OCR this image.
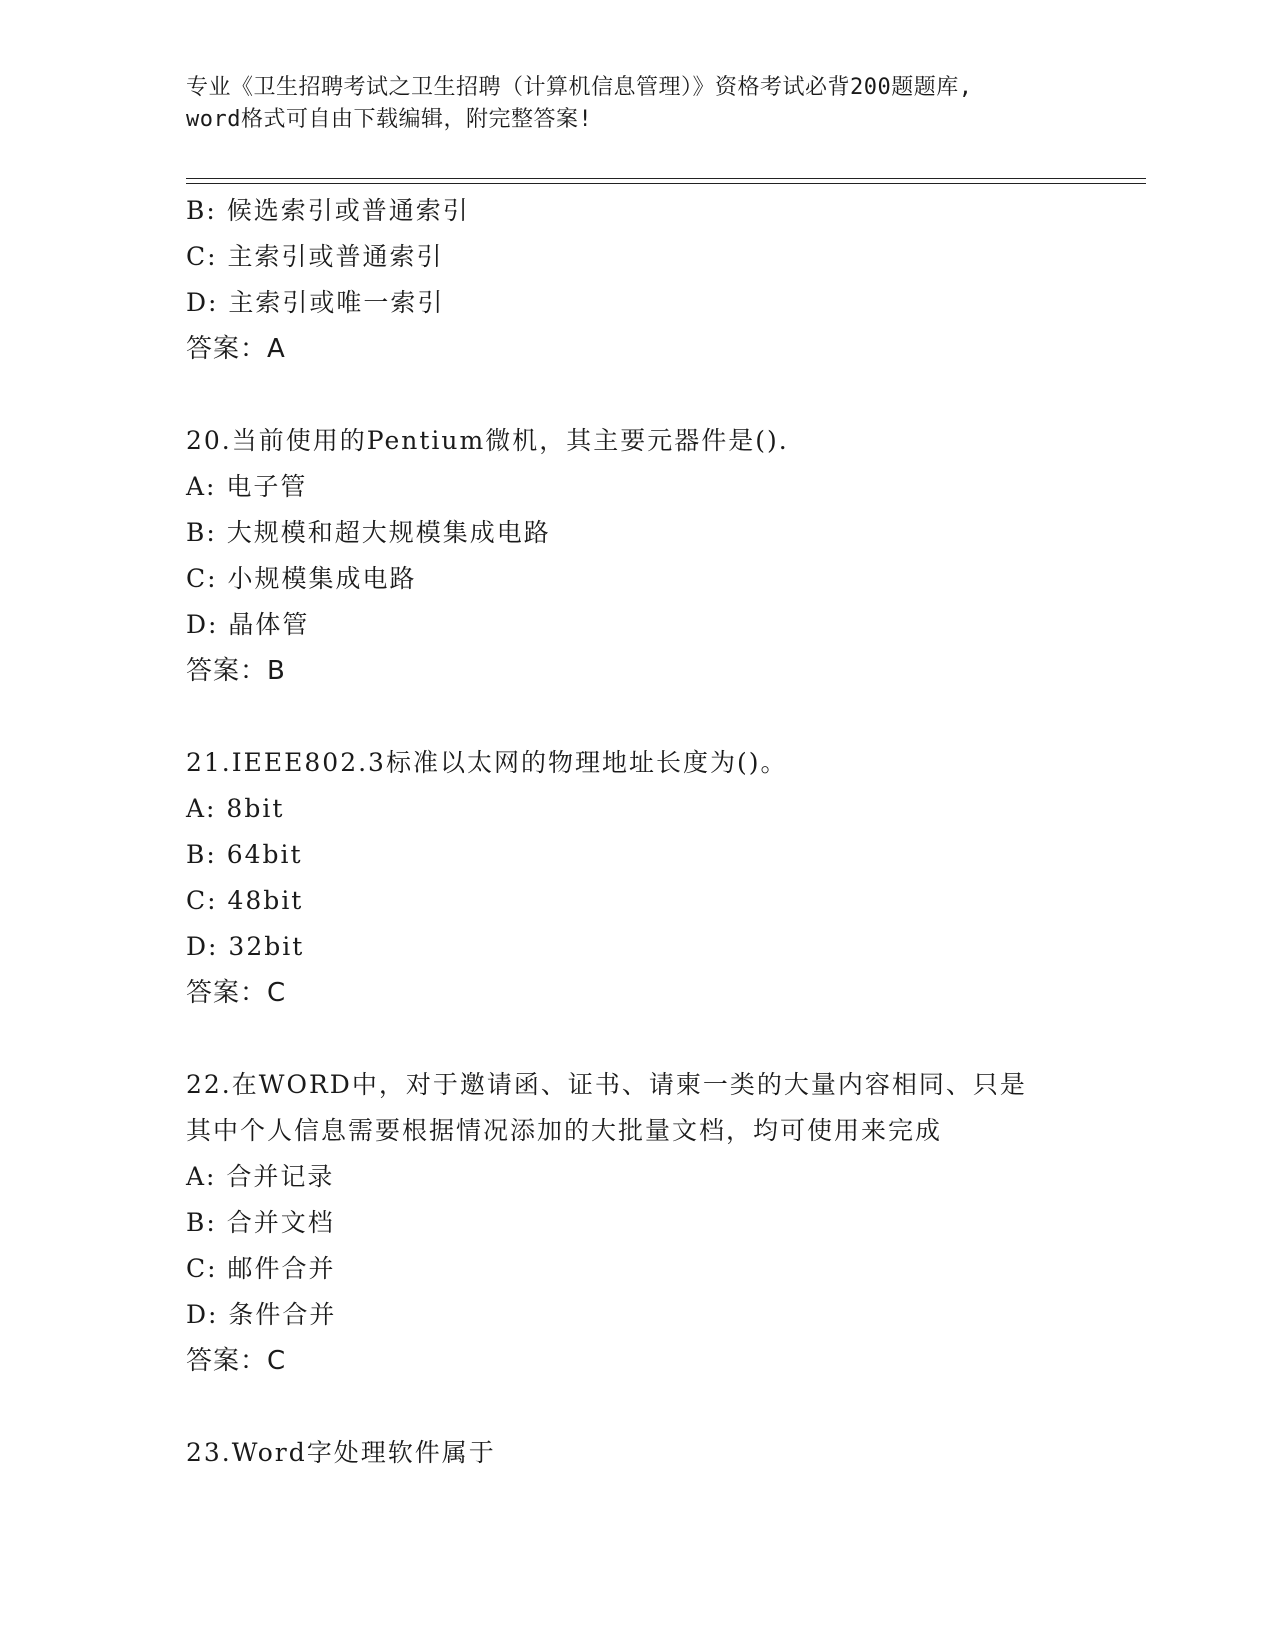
专业《卫生招聘考试之卫生招聘（计算机信息管理）》资格考试必背200题题库,
word格式可自由下载编辑，附完整答案!
B: 候选索引或普通索引
C: 主索引或普通索引
D: 主索引或唯一索引
答案：A
20.当前使用的Pentium微机，其主要元器件是().
A: 电子管
B: 大规模和超大规模集成电路
C: 小规模集成电路
D: 晶体管
答案：B
21.IEEE802.3标准以太网的物理地址长度为()。
A: 8bit
B: 64bit
C: 48bit
D: 32bit
答案：C
22.在WORD中，对于邀请函、证书、请柬一类的大量内容相同、只是
其中个人信息需要根据情况添加的大批量文档，均可使用来完成
A: 合并记录
B: 合并文档
C: 邮件合并
D: 条件合并
答案：C
23.Word字处理软件属于
